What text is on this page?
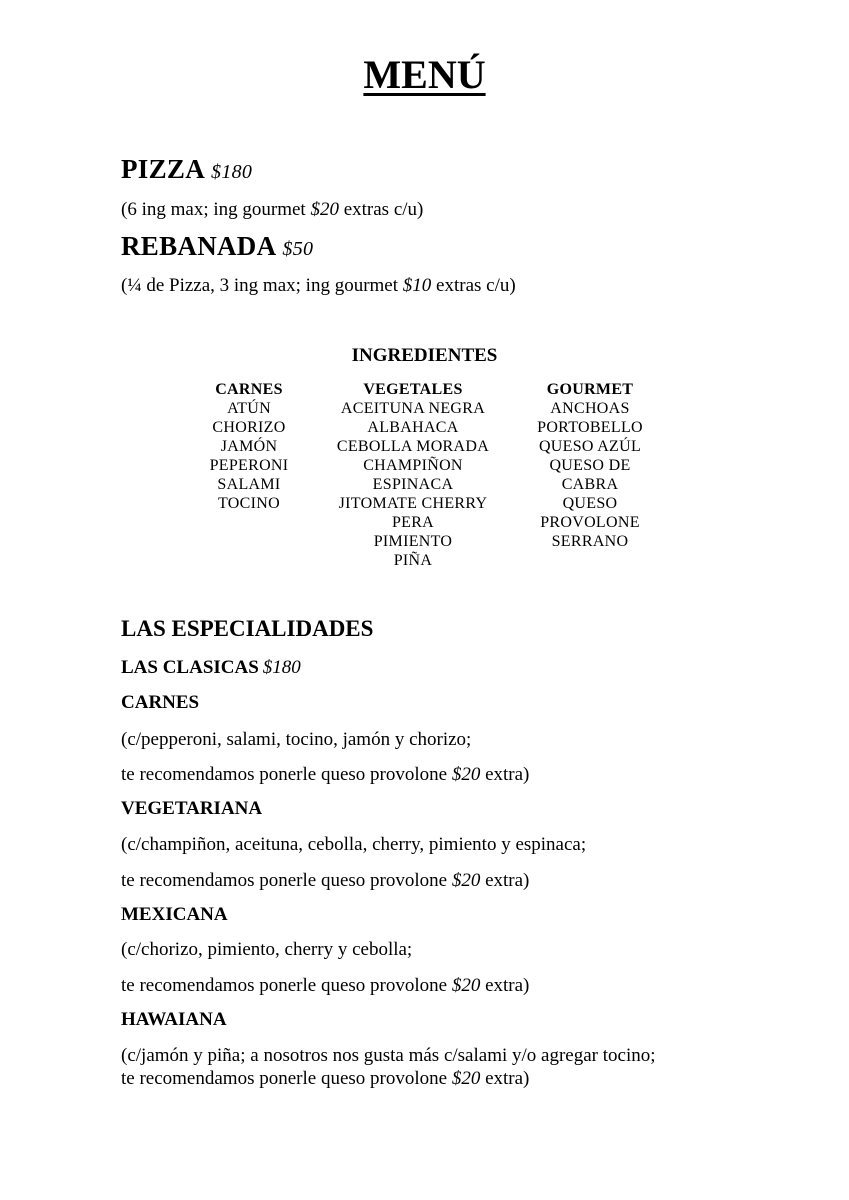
MENÚ
PIZZA $180
(6 ing max; ing gourmet $20 extras c/u)
REBANADA $50
(¼ de Pizza, 3 ing max; ing gourmet $10 extras c/u)
INGREDIENTES
CARNES
ATÚN
CHORIZO
JAMÓN
PEPERONI
SALAMI
TOCINO
VEGETALES
ACEITUNA NEGRA
ALBAHACA
CEBOLLA MORADA
CHAMPIÑON
ESPINACA
JITOMATE CHERRY
PERA
PIMIENTO
PIÑA
GOURMET
ANCHOAS
PORTOBELLO
QUESO AZÚL
QUESO DE
CABRA
QUESO
PROVOLONE
SERRANO
LAS ESPECIALIDADES
LAS CLASICAS $180
CARNES
(c/pepperoni, salami, tocino, jamón y chorizo;
te recomendamos ponerle queso provolone $20 extra)
VEGETARIANA
(c/champiñon, aceituna, cebolla, cherry, pimiento y espinaca;
te recomendamos ponerle queso provolone $20 extra)
MEXICANA
(c/chorizo, pimiento, cherry y cebolla;
te recomendamos ponerle queso provolone $20 extra)
HAWAIANA
(c/jamón y piña; a nosotros nos gusta más c/salami y/o agregar tocino;
te recomendamos ponerle queso provolone $20 extra)
